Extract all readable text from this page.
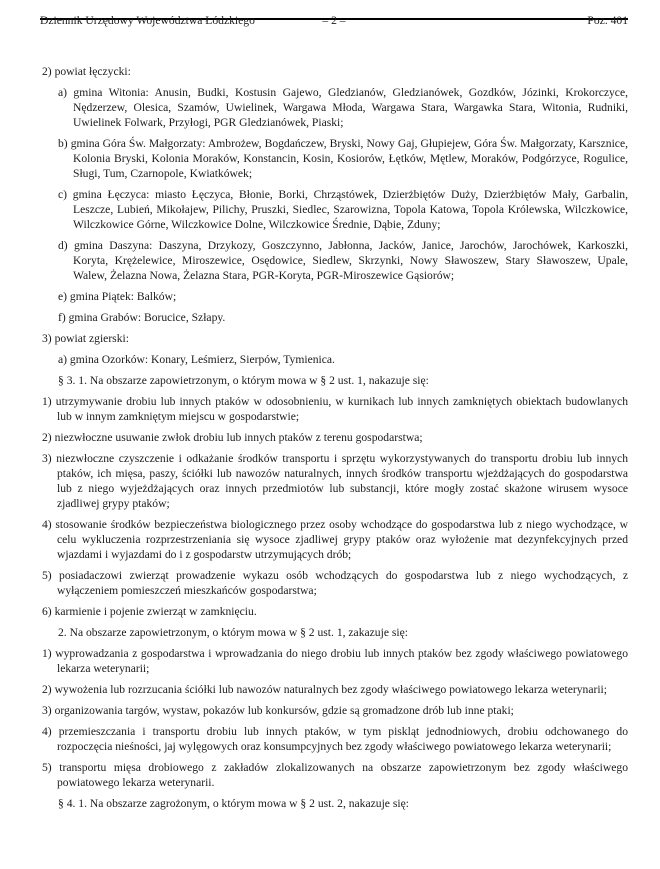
Dziennik Urzędowy Województwa Łódzkiego	– 2 –	Poz. 401
2) powiat łęczycki:
a) gmina Witonia: Anusin, Budki, Kostusin Gajewo, Gledzianów, Gledzianówek, Gozdków, Józinki, Krokorczyce, Nędzerzew, Olesica, Szamów, Uwielinek, Wargawa Młoda, Wargawa Stara, Wargawka Stara, Witonia, Rudniki, Uwielinek Folwark, Przyłogi, PGR Gledzianówek, Piaski;
b) gmina Góra Św. Małgorzaty: Ambrożew, Bogdańczew, Bryski, Nowy Gaj, Głupiejew, Góra Św. Małgorzaty, Karsznice, Kolonia Bryski, Kolonia Moraków, Konstancin, Kosin, Kosiorów, Łętków, Mętlew, Moraków, Podgórzyce, Rogulice, Sługi, Tum, Czarnopole, Kwiatkówek;
c) gmina Łęczyca: miasto Łęczyca, Błonie, Borki, Chrząstówek, Dzierżbiętów Duży, Dzierżbiętów Mały, Garbalin, Leszcze, Lubień, Mikołajew, Pilichy, Pruszki, Siedlec, Szarowizna, Topola Katowa, Topola Królewska, Wilczkowice, Wilczkowice Górne, Wilczkowice Dolne, Wilczkowice Średnie, Dąbie, Zduny;
d) gmina Daszyna: Daszyna, Drzykozy, Goszczynno, Jabłonna, Jacków, Janice, Jarochów, Jarochówek, Karkoszki, Koryta, Krężelewice, Miroszewice, Osędowice, Siedlew, Skrzynki, Nowy Sławoszew, Stary Sławoszew, Upale, Walew, Żelazna Nowa, Żelazna Stara, PGR-Koryta, PGR-Miroszewice Gąsiorów;
e) gmina Piątek: Balków;
f) gmina Grabów: Borucice, Szłapy.
3) powiat zgierski:
a) gmina Ozorków: Konary, Leśmierz, Sierpów, Tymienica.
§ 3. 1. Na obszarze zapowietrzonym, o którym mowa w § 2 ust. 1, nakazuje się:
1) utrzymywanie drobiu lub innych ptaków w odosobnieniu, w kurnikach lub innych zamkniętych obiektach budowlanych lub w innym zamkniętym miejscu w gospodarstwie;
2) niezwłoczne usuwanie zwłok drobiu lub innych ptaków z terenu gospodarstwa;
3) niezwłoczne czyszczenie i odkażanie środków transportu i sprzętu wykorzystywanych do transportu drobiu lub innych ptaków, ich mięsa, paszy, ściółki lub nawozów naturalnych, innych środków transportu wjeżdżających do gospodarstwa lub z niego wyjeżdżających oraz innych przedmiotów lub substancji, które mogły zostać skażone wirusem wysoce zjadliwej grypy ptaków;
4) stosowanie środków bezpieczeństwa biologicznego przez osoby wchodzące do gospodarstwa lub z niego wychodzące, w celu wykluczenia rozprzestrzeniania się wysoce zjadliwej grypy ptaków oraz wyłożenie mat dezynfekcyjnych przed wjazdami i wyjazdami do i z gospodarstw utrzymujących drób;
5) posiadaczowi zwierząt prowadzenie wykazu osób wchodzących do gospodarstwa lub z niego wychodzących, z wyłączeniem pomieszczeń mieszkańców gospodarstwa;
6) karmienie i pojenie zwierząt w zamknięciu.
2. Na obszarze zapowietrzonym, o którym mowa w § 2 ust. 1, zakazuje się:
1) wyprowadzania z gospodarstwa i wprowadzania do niego drobiu lub innych ptaków bez zgody właściwego powiatowego lekarza weterynarii;
2) wywożenia lub rozrzucania ściółki lub nawozów naturalnych bez zgody właściwego powiatowego lekarza weterynarii;
3) organizowania targów, wystaw, pokazów lub konkursów, gdzie są gromadzone drób lub inne ptaki;
4) przemieszczania i transportu drobiu lub innych ptaków, w tym piskląt jednodniowych, drobiu odchowanego do rozpoczęcia nieśności, jaj wylęgowych oraz konsumpcyjnych bez zgody właściwego powiatowego lekarza weterynarii;
5) transportu mięsa drobiowego z zakładów zlokalizowanych na obszarze zapowietrzonym bez zgody właściwego powiatowego lekarza weterynarii.
§ 4. 1. Na obszarze zagrożonym, o którym mowa w § 2 ust. 2, nakazuje się:
